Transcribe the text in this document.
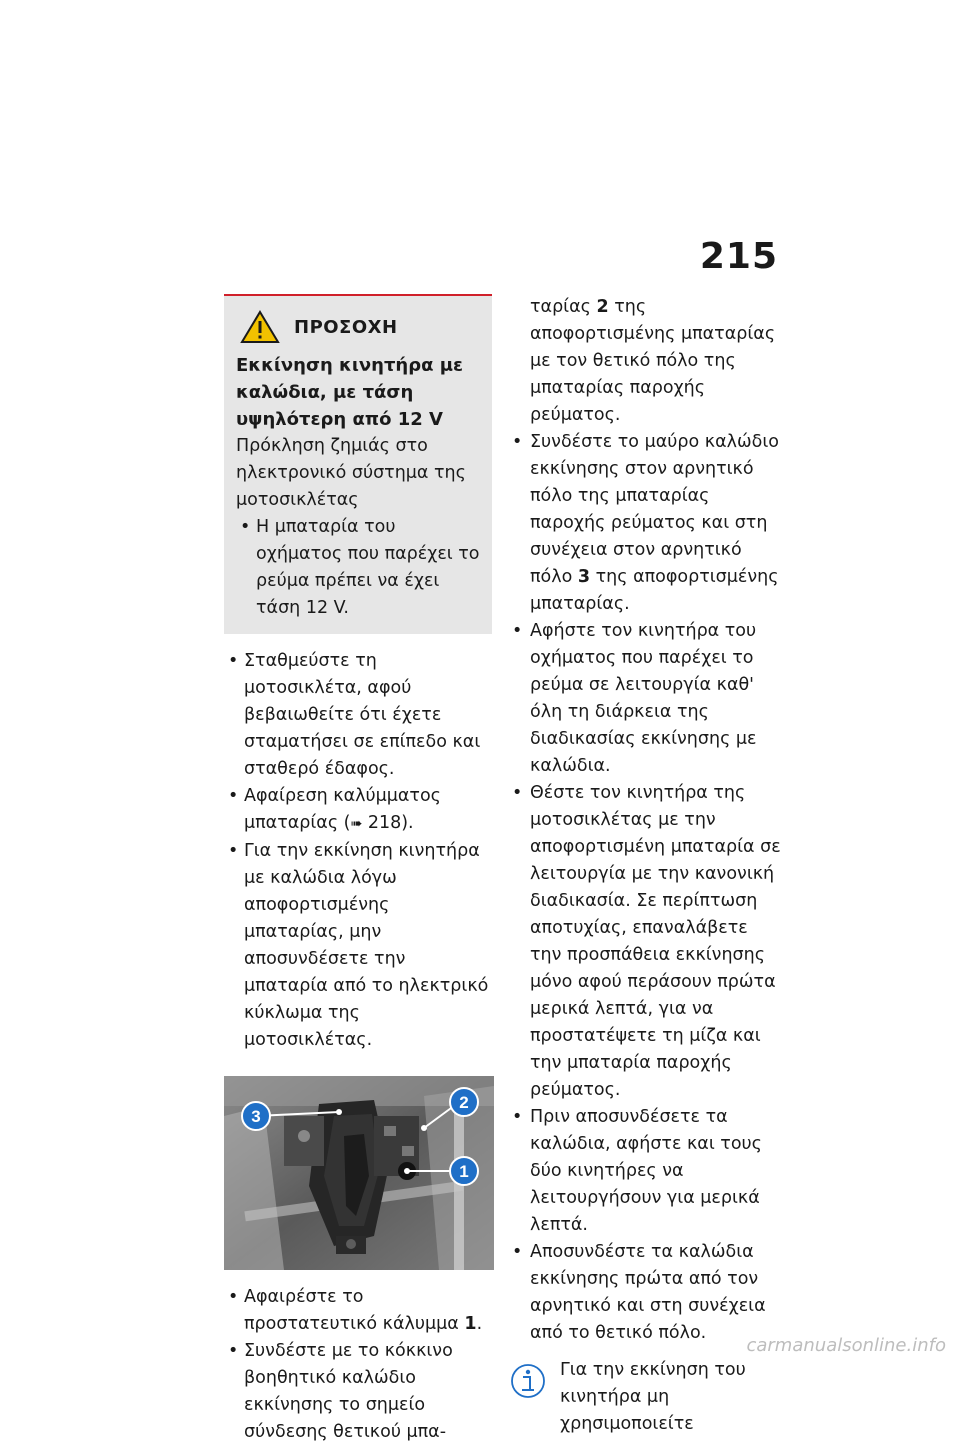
215
ΠΡΟΣΟΧΗ
Εκκίνηση κινητήρα με καλώδια, με τάση υψηλότερη από 12 V
Πρόκληση ζημιάς στο ηλεκτρονικό σύστημα της μοτοσικλέτας
• Η μπαταρία του οχήματος που παρέχει το ρεύμα πρέπει να έχει τάση 12 V.
• Σταθμεύστε τη μοτοσικλέτα, αφού βεβαιωθείτε ότι έχετε σταματήσει σε επίπεδο και σταθερό έδαφος.
• Αφαίρεση καλύμματος μπαταρίας (➠ 218).
• Για την εκκίνηση κινητήρα με καλώδια λόγω αποφορτισμένης μπαταρίας, μην αποσυνδέσετε την μπαταρία από το ηλεκτρικό κύκλωμα της μοτοσικλέτας.
3
2
1
• Αφαιρέστε το προστατευτικό κάλυμμα 1.
• Συνδέστε με το κόκκινο βοηθητικό καλώδιο εκκίνησης το σημείο σύνδεσης θετικού μπα-
ταρίας 2 της αποφορτισμένης μπαταρίας με τον θετικό πόλο της μπαταρίας παροχής ρεύματος.
• Συνδέστε το μαύρο καλώδιο εκκίνησης στον αρνητικό πόλο της μπαταρίας παροχής ρεύματος και στη συνέχεια στον αρνητικό πόλο 3 της αποφορτισμένης μπαταρίας.
• Αφήστε τον κινητήρα του οχήματος που παρέχει το ρεύμα σε λειτουργία καθ' όλη τη διάρκεια της διαδικασίας εκκίνησης με καλώδια.
• Θέστε τον κινητήρα της μοτοσικλέτας με την αποφορτισμένη μπαταρία σε λειτουργία με την κανονική διαδικασία. Σε περίπτωση αποτυχίας, επαναλάβετε την προσπάθεια εκκίνησης μόνο αφού περάσουν πρώτα μερικά λεπτά, για να προστατέψετε τη μίζα και την μπαταρία παροχής ρεύματος.
• Πριν αποσυνδέσετε τα καλώδια, αφήστε και τους δύο κινητήρες να λειτουργήσουν για μερικά λεπτά.
• Αποσυνδέστε τα καλώδια εκκίνησης πρώτα από τον αρνητικό και στη συνέχεια από το θετικό πόλο.
Για την εκκίνηση του κινητήρα μη χρησιμοποιείτε
carmanualsonline.info
